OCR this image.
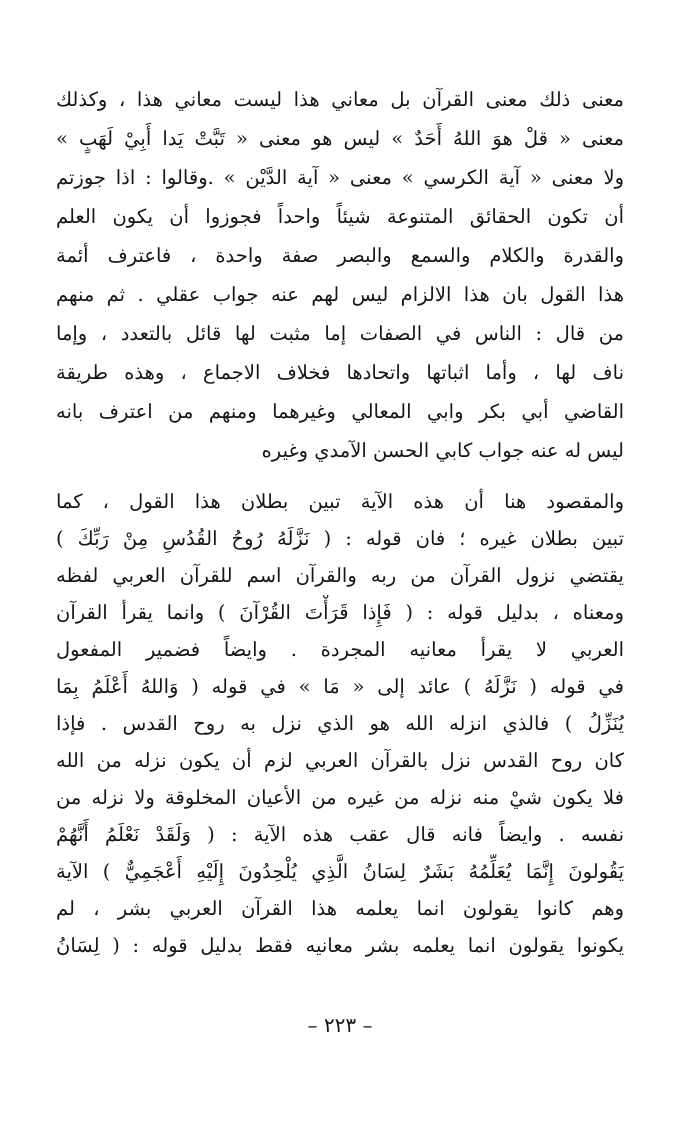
معنى ذلك معنى القرآن بل معاني هذا ليست معاني هذا ، وكذلك
معنى « قلْ هوَ اللهُ أَحَدٌ » ليس هو معنى « تَبَّتْ يَدا أَبِيْ لَهَبٍ »
ولا معنى « آية الكرسي » معنى « آية الدَّيْن » .وقالوا : اذا جوزتم
أن تكون الحقائق المتنوعة شيئاً واحداً فجوزوا أن يكون العلم
والقدرة والكلام والسمع والبصر صفة واحدة ، فاعترف أئمة
هذا القول بان هذا الالزام ليس لهم عنه جواب عقلي . ثم منهم
من قال : الناس في الصفات إما مثبت لها قائل بالتعدد ، وإما
ناف لها ، وأما اثباتها واتحادها فخلاف الاجماع ، وهذه طريقة
القاضي أبي بكر وابي المعالي وغيرهما ومنهم من اعترف بانه
ليس له عنه جواب كابي الحسن الآمدي وغيره
والمقصود هنا أن هذه الآية تبين بطلان هذا القول ، كما
تبين بطلان غيره ؛ فان قوله : ( نَزَّلَهُ رُوحُ القُدُسِ مِنْ رَبِّكَ )
يقتضي نزول القرآن من ربه والقرآن اسم للقرآن العربي لفظه
ومعناه ، بدليل قوله : ( فَإِذا قَرَأْتَ القُرْآنَ ) وانما يقرأ القرآن
العربي لا يقرأ معانيه المجردة . وايضاً فضمير المفعول
في قوله ( نَزَّلَهُ ) عائد إلى « مَا » في قوله ( وَاللهُ أَعْلَمُ بِمَا
يُنَزِّلُ ) فالذي انزله الله هو الذي نزل به روح القدس . فإذا
كان روح القدس نزل بالقرآن العربي لزم أن يكون نزله من الله
فلا يكون شيْ منه نزله من غيره من الأعيان المخلوقة ولا نزله من
نفسه . وايضاً فانه قال عقب هذه الآية : ( وَلَقَدْ نَعْلَمُ أَنَّهُمْ
يَقُولونَ إِنَّمَا يُعَلِّمُهُ بَشَرٌ لِسَانُ الَّذِي يُلْحِدُونَ إِلَيْهِ أَعْجَمِيٌّ ) الآية
وهم كانوا يقولون انما يعلمه هذا القرآن العربي بشر ، لم
يكونوا يقولون انما يعلمه بشر معانيه فقط بدليل قوله : ( لِسَانُ
– ٢٢٣ –
